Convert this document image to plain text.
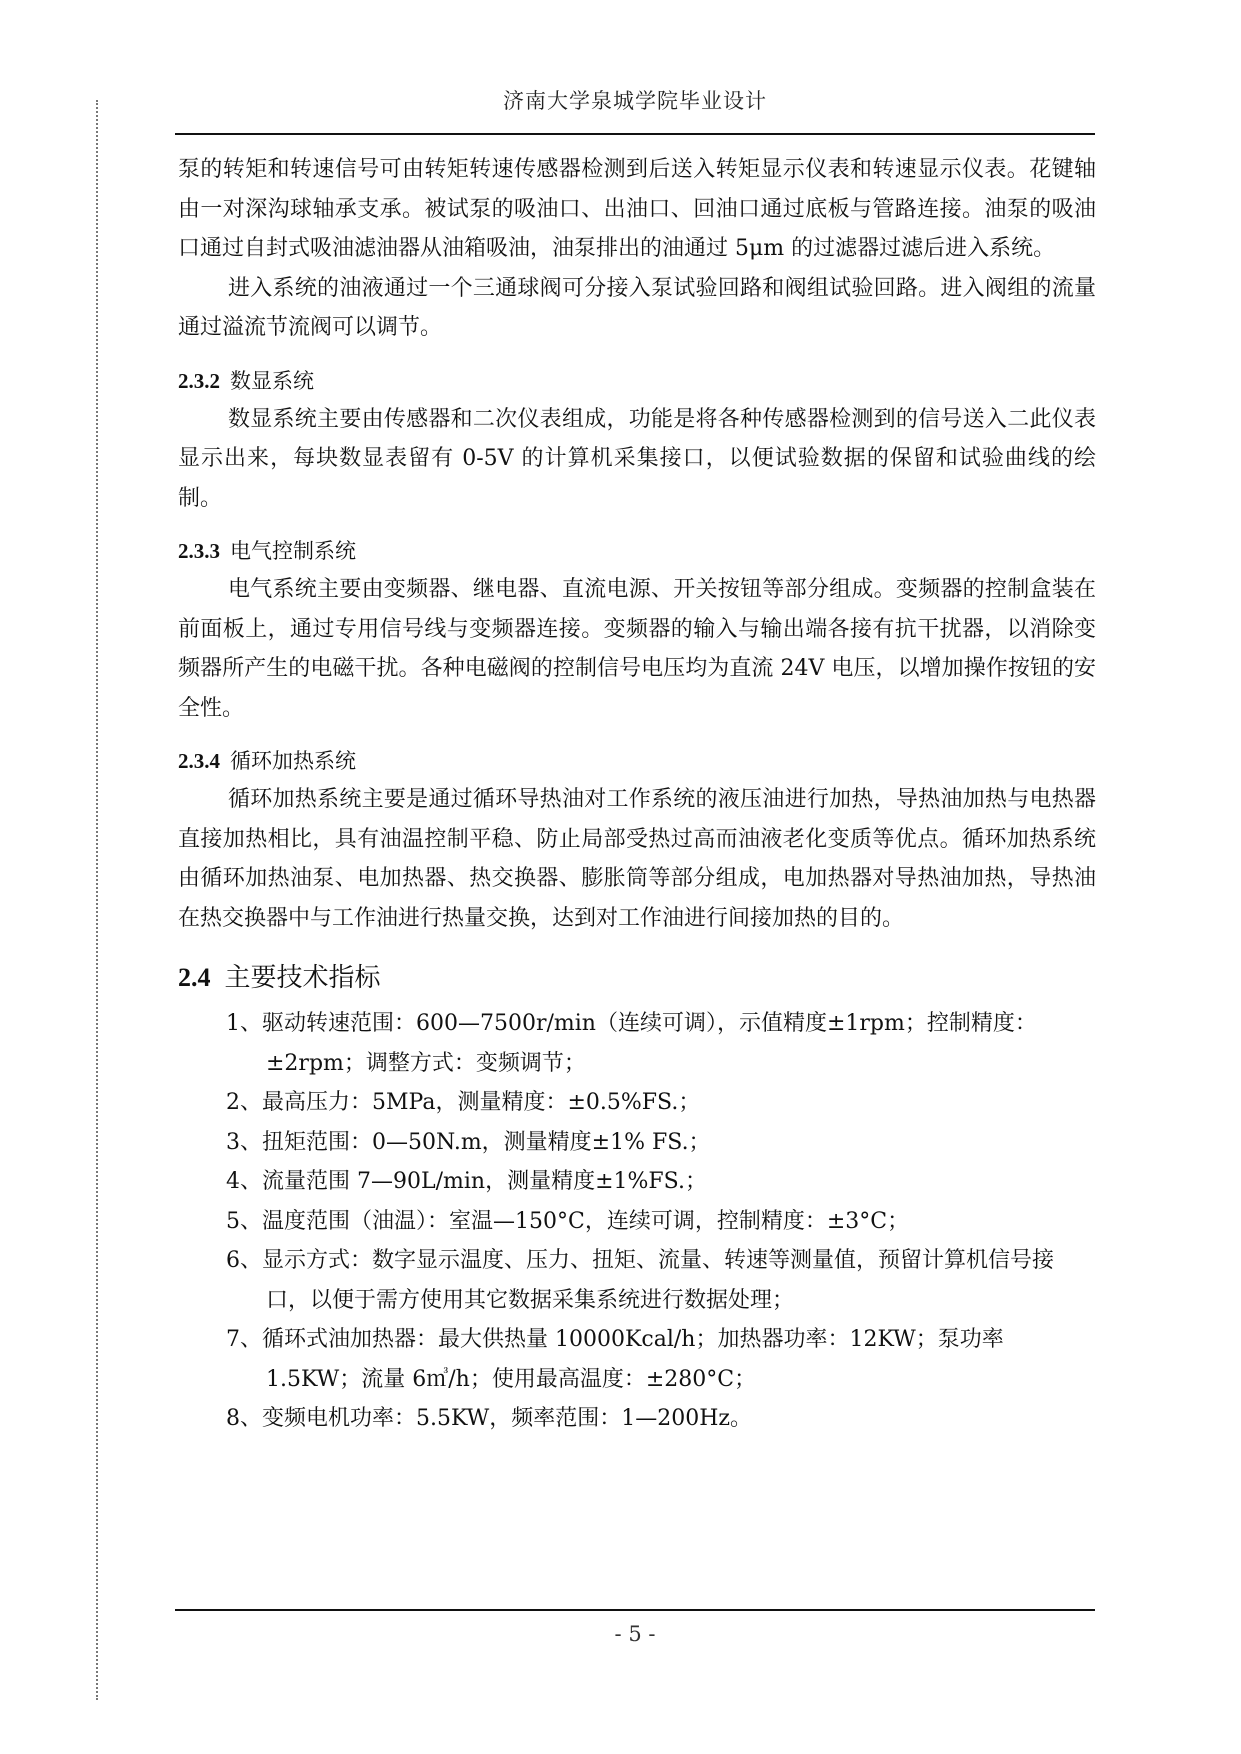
济南大学泉城学院毕业设计

泵的转矩和转速信号可由转矩转速传感器检测到后送入转矩显示仪表和转速显示仪表。花键轴由一对深沟球轴承支承。被试泵的吸油口、出油口、回油口通过底板与管路连接。油泵的吸油口通过自封式吸油滤油器从油箱吸油，油泵排出的油通过 5μm 的过滤器过滤后进入系统。

进入系统的油液通过一个三通球阀可分接入泵试验回路和阀组试验回路。进入阀组的流量通过溢流节流阀可以调节。

2.3.2 数显系统

数显系统主要由传感器和二次仪表组成，功能是将各种传感器检测到的信号送入二此仪表显示出来，每块数显表留有 0-5V 的计算机采集接口，以便试验数据的保留和试验曲线的绘制。

2.3.3 电气控制系统

电气系统主要由变频器、继电器、直流电源、开关按钮等部分组成。变频器的控制盒装在前面板上，通过专用信号线与变频器连接。变频器的输入与输出端各接有抗干扰器，以消除变频器所产生的电磁干扰。各种电磁阀的控制信号电压均为直流 24V 电压，以增加操作按钮的安全性。

2.3.4 循环加热系统

循环加热系统主要是通过循环导热油对工作系统的液压油进行加热，导热油加热与电热器直接加热相比，具有油温控制平稳、防止局部受热过高而油液老化变质等优点。循环加热系统由循环加热油泵、电加热器、热交换器、膨胀筒等部分组成，电加热器对导热油加热，导热油在热交换器中与工作油进行热量交换，达到对工作油进行间接加热的目的。

2.4 主要技术指标
1、驱动转速范围：600—7500r/min（连续可调），示值精度±1rpm；控制精度：±2rpm；调整方式：变频调节；
2、最高压力：5MPa，测量精度：±0.5%FS.；
3、扭矩范围：0—50N.m，测量精度±1% FS.；
4、流量范围 7—90L/min，测量精度±1%FS.；
5、温度范围（油温）：室温—150°C，连续可调，控制精度：±3°C；
6、显示方式：数字显示温度、压力、扭矩、流量、转速等测量值，预留计算机信号接口，以便于需方使用其它数据采集系统进行数据处理；
7、循环式油加热器：最大供热量 10000Kcal/h；加热器功率：12KW；泵功率 1.5KW；流量 6㎥/h；使用最高温度：±280°C；
8、变频电机功率：5.5KW，频率范围：1—200Hz。
- 5 -
